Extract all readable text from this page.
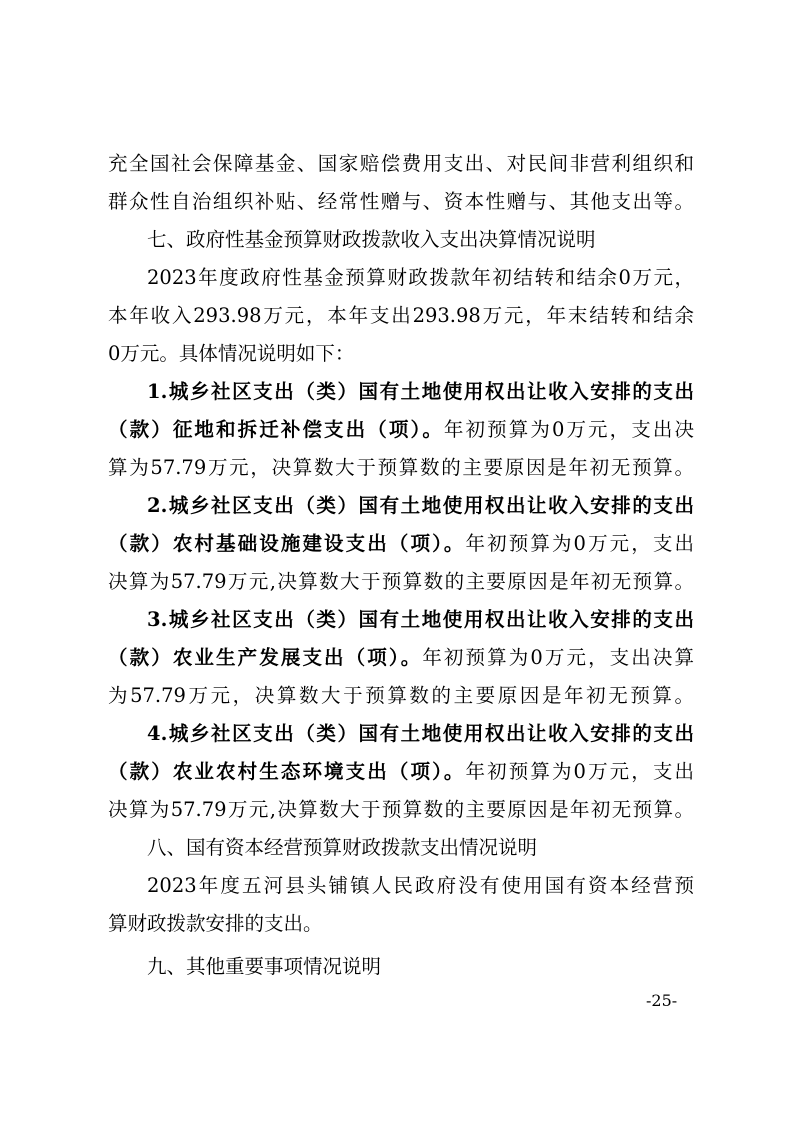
充全国社会保障基金、国家赔偿费用支出、对民间非营利组织和
群众性自治组织补贴、经常性赠与、资本性赠与、其他支出等。
七、政府性基金预算财政拨款收入支出决算情况说明
2023年度政府性基金预算财政拨款年初结转和结余0万元，
本年收入293.98万元，本年支出293.98万元，年末结转和结余
0万元。具体情况说明如下：
1.城乡社区支出（类）国有土地使用权出让收入安排的支出
（款）征地和拆迁补偿支出（项）。年初预算为0万元，支出决
算为57.79万元，决算数大于预算数的主要原因是年初无预算。
2.城乡社区支出（类）国有土地使用权出让收入安排的支出
（款）农村基础设施建设支出（项）。年初预算为0万元，支出
决算为57.79万元,决算数大于预算数的主要原因是年初无预算。
3.城乡社区支出（类）国有土地使用权出让收入安排的支出
（款）农业生产发展支出（项）。年初预算为0万元，支出决算
为57.79万元，决算数大于预算数的主要原因是年初无预算。
4.城乡社区支出（类）国有土地使用权出让收入安排的支出
（款）农业农村生态环境支出（项）。年初预算为0万元，支出
决算为57.79万元,决算数大于预算数的主要原因是年初无预算。
八、国有资本经营预算财政拨款支出情况说明
2023年度五河县头铺镇人民政府没有使用国有资本经营预
算财政拨款安排的支出。
九、其他重要事项情况说明
-25-
